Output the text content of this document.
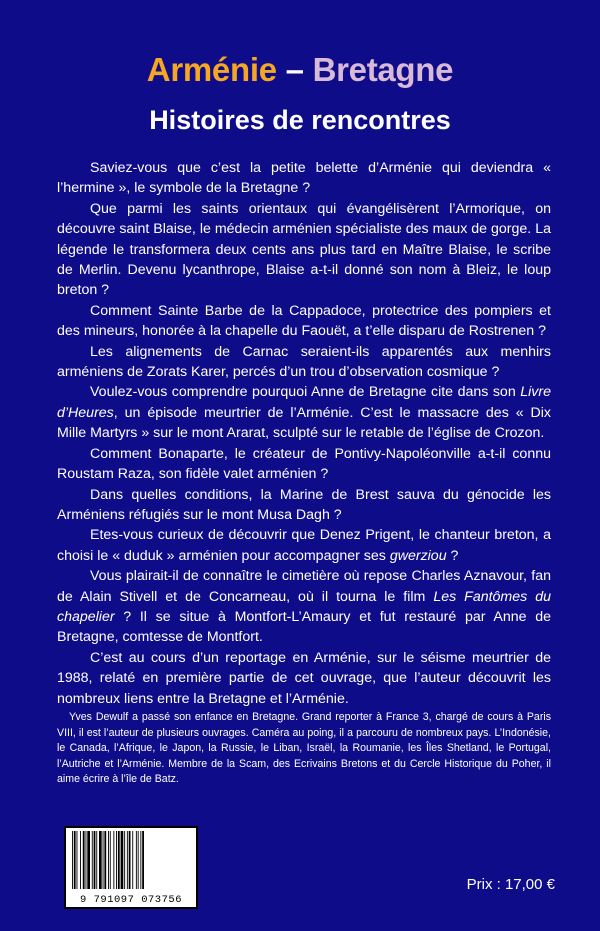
Arménie – Bretagne
Histoires de rencontres

Saviez-vous que c’est la petite belette d’Arménie qui deviendra « l’hermine », le symbole de la Bretagne ?

Que parmi les saints orientaux qui évangélisèrent l’Armorique, on découvre saint Blaise, le médecin arménien spécialiste des maux de gorge. La légende le transformera deux cents ans plus tard en Maître Blaise, le scribe de Merlin. Devenu lycanthrope, Blaise a-t-il donné son nom à Bleiz, le loup breton ?

Comment Sainte Barbe de la Cappadoce, protectrice des pompiers et des mineurs, honorée à la chapelle du Faouët, a t’elle disparu de Rostrenen ?

Les alignements de Carnac seraient-ils apparentés aux menhirs arméniens de Zorats Karer, percés d’un trou d’observation cosmique ?

Voulez-vous comprendre pourquoi Anne de Bretagne cite dans son Livre d’Heures, un épisode meurtrier de l’Arménie. C’est le massacre des « Dix Mille Martyrs » sur le mont Ararat, sculpté sur le retable de l’église de Crozon.

Comment Bonaparte, le créateur de Pontivy-Napoléonville a-t-il connu Roustam Raza, son fidèle valet arménien ?

Dans quelles conditions, la Marine de Brest sauva du génocide les Arméniens réfugiés sur le mont Musa Dagh ?

Etes-vous curieux de découvrir que Denez Prigent, le chanteur breton, a choisi le « duduk » arménien pour accompagner ses gwerziou ?

Vous plairait-il de connaître le cimetière où repose Charles Aznavour, fan de Alain Stivell et de Concarneau, où il tourna le film Les Fantômes du chapelier ? Il se situe à Montfort-L’Amaury et fut restauré par Anne de Bretagne, comtesse de Montfort.

C’est au cours d’un reportage en Arménie, sur le séisme meurtrier de 1988, relaté en première partie de cet ouvrage, que l’auteur découvrit les nombreux liens entre la Bretagne et l’Arménie.

Yves Dewulf a passé son enfance en Bretagne. Grand reporter à France 3, chargé de cours à Paris VIII, il est l’auteur de plusieurs ouvrages. Caméra au poing, il a parcouru de nombreux pays. L’Indonésie, le Canada, l’Afrique, le Japon, la Russie, le Liban, Israël, la Roumanie, les Îles Shetland, le Portugal, l’Autriche et l’Arménie. Membre de la Scam, des Ecrivains Bretons et du Cercle Historique du Poher, il aime écrire à l’île de Batz.

9 791097 073756
Prix : 17,00 €
